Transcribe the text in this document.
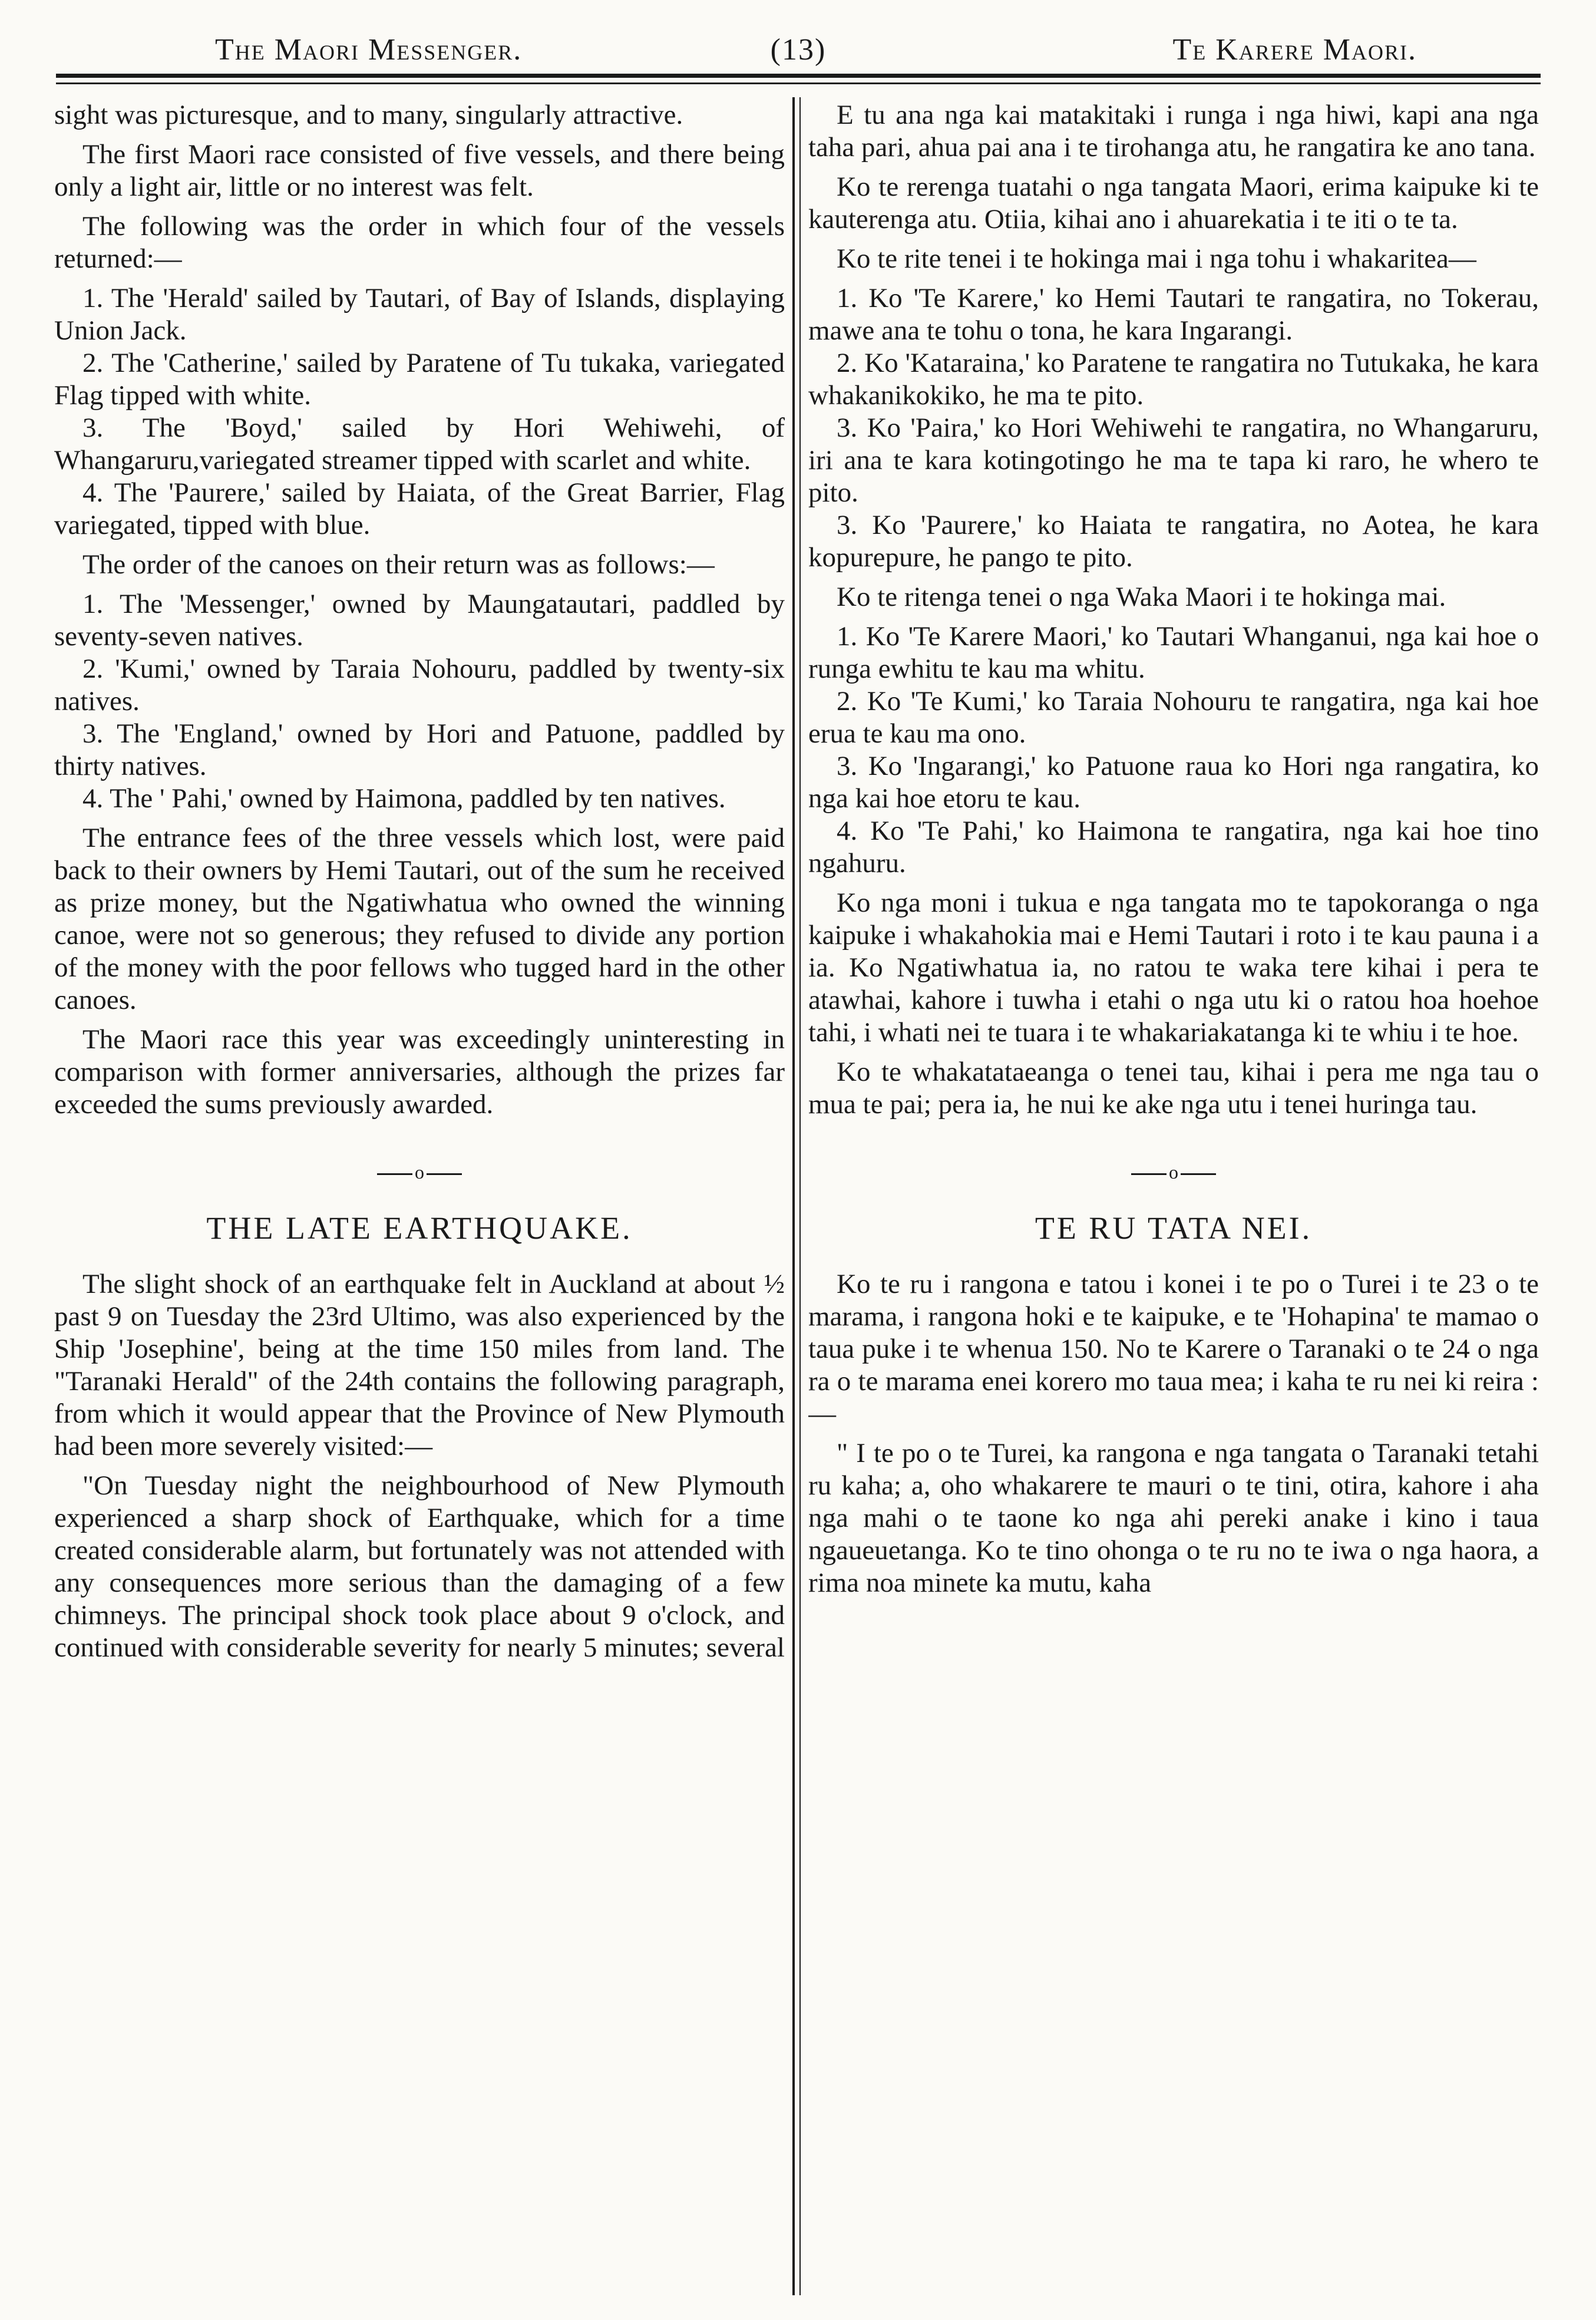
The Maori Messenger.	(13)	Te Karere Maori.

sight was picturesque, and to many, singularly attractive.

The first Maori race consisted of five vessels, and there being only a light air, little or no interest was felt.

The following was the order in which four of the vessels returned:—

1. The 'Herald' sailed by Tautari, of Bay of Islands, displaying Union Jack.

2. The 'Catherine,' sailed by Paratene of Tu tukaka, variegated Flag tipped with white.

3. The 'Boyd,' sailed by Hori Wehiwehi, of Whangaruru,variegated streamer tipped with scarlet and white.

4. The 'Paurere,' sailed by Haiata, of the Great Barrier, Flag variegated, tipped with blue.

The order of the canoes on their return was as follows:—

1. The 'Messenger,' owned by Maungatautari, paddled by seventy-seven natives.

2. 'Kumi,' owned by Taraia Nohouru, paddled by twenty-six natives.

3. The 'England,' owned by Hori and Patuone, paddled by thirty natives.

4. The ' Pahi,' owned by Haimona, paddled by ten natives.

The entrance fees of the three vessels which lost, were paid back to their owners by Hemi Tautari, out of the sum he received as prize money, but the Ngatiwhatua who owned the winning canoe, were not so generous; they refused to divide any portion of the money with the poor fellows who tugged hard in the other canoes.

The Maori race this year was exceedingly uninteresting in comparison with former anniversaries, although the prizes far exceeded the sums previously awarded.

o
THE LATE EARTHQUAKE.

The slight shock of an earthquake felt in Auckland at about ½ past 9 on Tuesday the 23rd Ultimo, was also experienced by the Ship 'Josephine', being at the time 150 miles from land. The "Taranaki Herald" of the 24th contains the following paragraph, from which it would appear that the Province of New Plymouth had been more severely visited:—

"On Tuesday night the neighbourhood of New Plymouth experienced a sharp shock of Earthquake, which for a time created considerable alarm, but fortunately was not attended with any consequences more serious than the damaging of a few chimneys. The principal shock took place about 9 o'clock, and continued with considerable severity for nearly 5 minutes; several

E tu ana nga kai matakitaki i runga i nga hiwi, kapi ana nga taha pari, ahua pai ana i te tirohanga atu, he rangatira ke ano tana.

Ko te rerenga tuatahi o nga tangata Maori, erima kaipuke ki te kauterenga atu. Otiia, kihai ano i ahuarekatia i te iti o te ta.

Ko te rite tenei i te hokinga mai i nga tohu i whakaritea—

1. Ko 'Te Karere,' ko Hemi Tautari te rangatira, no Tokerau, mawe ana te tohu o tona, he kara Ingarangi.

2. Ko 'Kataraina,' ko Paratene te rangatira no Tutukaka, he kara whakanikokiko, he ma te pito.

3. Ko 'Paira,' ko Hori Wehiwehi te rangatira, no Whangaruru, iri ana te kara kotingotingo he ma te tapa ki raro, he whero te pito.

3. Ko 'Paurere,' ko Haiata te rangatira, no Aotea, he kara kopurepure, he pango te pito.

Ko te ritenga tenei o nga Waka Maori i te hokinga mai.

1. Ko 'Te Karere Maori,' ko Tautari Whanganui, nga kai hoe o runga ewhitu te kau ma whitu.

2. Ko 'Te Kumi,' ko Taraia Nohouru te rangatira, nga kai hoe erua te kau ma ono.

3. Ko 'Ingarangi,' ko Patuone raua ko Hori nga rangatira, ko nga kai hoe etoru te kau.

4. Ko 'Te Pahi,' ko Haimona te rangatira, nga kai hoe tino ngahuru.

Ko nga moni i tukua e nga tangata mo te tapokoranga o nga kaipuke i whakahokia mai e Hemi Tautari i roto i te kau pauna i a ia. Ko Ngatiwhatua ia, no ratou te waka tere kihai i pera te atawhai, kahore i tuwha i etahi o nga utu ki o ratou hoa hoehoe tahi, i whati nei te tuara i te whakariakatanga ki te whiu i te hoe.

Ko te whakatataeanga o tenei tau, kihai i pera me nga tau o mua te pai; pera ia, he nui ke ake nga utu i tenei huringa tau.

o
TE RU TATA NEI.

Ko te ru i rangona e tatou i konei i te po o Turei i te 23 o te marama, i rangona hoki e te kaipuke, e te 'Hohapina' te mamao o taua puke i te whenua 150. No te Karere o Taranaki o te 24 o nga ra o te marama enei korero mo taua mea; i kaha te ru nei ki reira :—

" I te po o te Turei, ka rangona e nga tangata o Taranaki tetahi ru kaha; a, oho whakarere te mauri o te tini, otira, kahore i aha nga mahi o te taone ko nga ahi pereki anake i kino i taua ngaueuetanga. Ko te tino ohonga o te ru no te iwa o nga haora, a rima noa minete ka mutu, kaha
